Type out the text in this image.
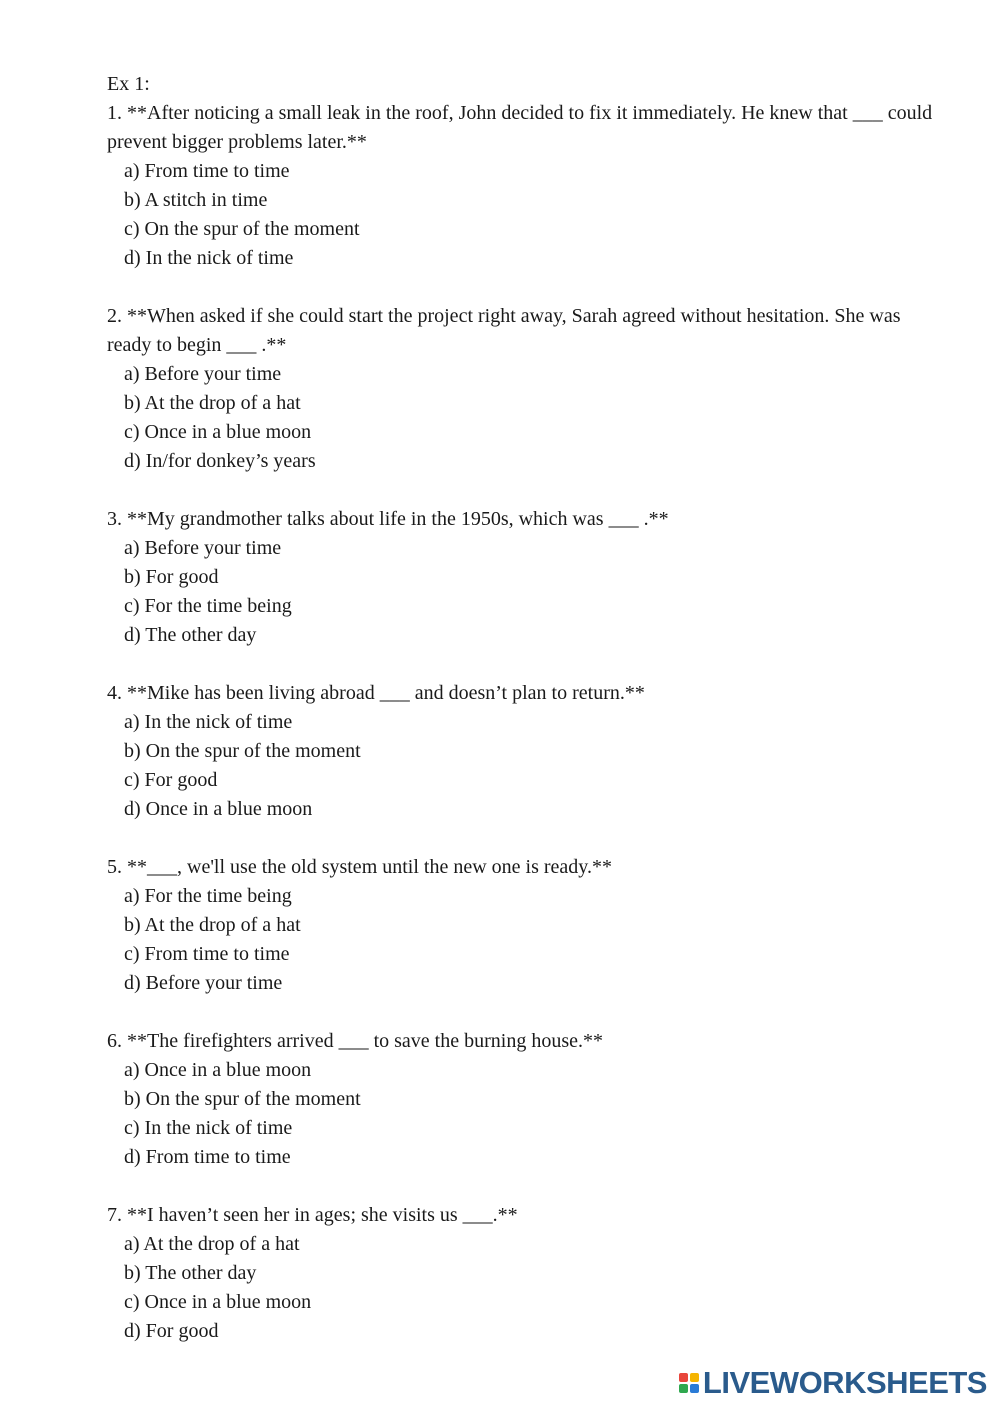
Ex 1:

1. **After noticing a small leak in the roof, John decided to fix it immediately. He knew that ___ could prevent bigger problems later.**

a) From time to time
b) A stitch in time
c) On the spur of the moment
d) In the nick of time

2. **When asked if she could start the project right away, Sarah agreed without hesitation. She was ready to begin ___ .**

a) Before your time
b) At the drop of a hat
c) Once in a blue moon
d) In/for donkey’s years

3. **My grandmother talks about life in the 1950s, which was ___ .**

a) Before your time
b) For good
c) For the time being
d) The other day

4. **Mike has been living abroad ___ and doesn’t plan to return.**

a) In the nick of time
b) On the spur of the moment
c) For good
d) Once in a blue moon

5. **___, we'll use the old system until the new one is ready.**

a) For the time being
b) At the drop of a hat
c) From time to time
d) Before your time

6. **The firefighters arrived ___ to save the burning house.**

a) Once in a blue moon
b) On the spur of the moment
c) In the nick of time
d) From time to time

7. **I haven’t seen her in ages; she visits us ___.**

a) At the drop of a hat
b) The other day
c) Once in a blue moon
d) For good
LIVEWORKSHEETS
